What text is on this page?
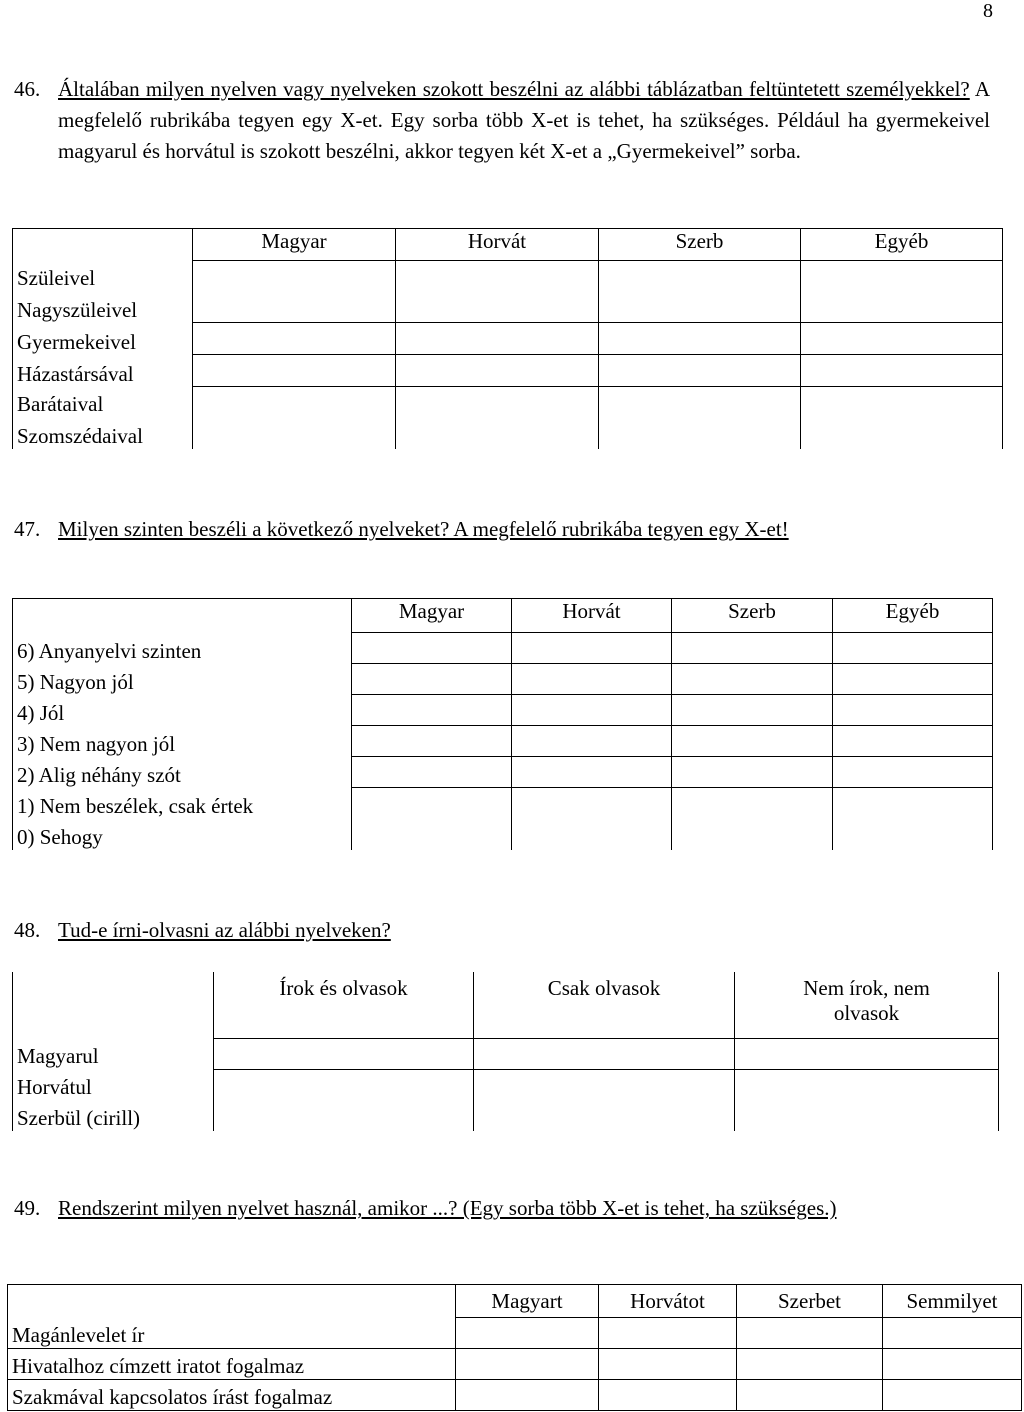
8
46. Általában milyen nyelven vagy nyelveken szokott beszélni az alábbi táblázatban feltüntetett személyekkel? A megfelelő rubrikába tegyen egy X-et. Egy sorba több X-et is tehet, ha szükséges. Például ha gyermekeivel magyarul és horvátul is szokott beszélni, akkor tegyen két X-et a „Gyermekeivel” sorba.

	Magyar	Horvát	Szerb	Egyéb
Szüleivel				
Nagyszüleivel				
Gyermekeivel				
Házastársával				
Barátaival				
Szomszédaival				
47. Milyen szinten beszéli a következő nyelveket? A megfelelő rubrikába tegyen egy X-et!

	Magyar	Horvát	Szerb	Egyéb
6) Anyanyelvi szinten				
5) Nagyon jól				
4) Jól				
3) Nem nagyon jól				
2) Alig néhány szót				
1) Nem beszélek, csak értek				
0) Sehogy				
48. Tud-e írni-olvasni az alábbi nyelveken?

	Írok és olvasok	Csak olvasok	Nem írok, nem olvasok
Magyarul			
Horvátul			
Szerbül (cirill)			
49. Rendszerint milyen nyelvet használ, amikor ...? (Egy sorba több X-et is tehet, ha szükséges.)

	Magyart	Horvátot	Szerbet	Semmilyet
Magánlevelet ír				
Hivatalhoz címzett iratot fogalmaz				
Szakmával kapcsolatos írást fogalmaz				
